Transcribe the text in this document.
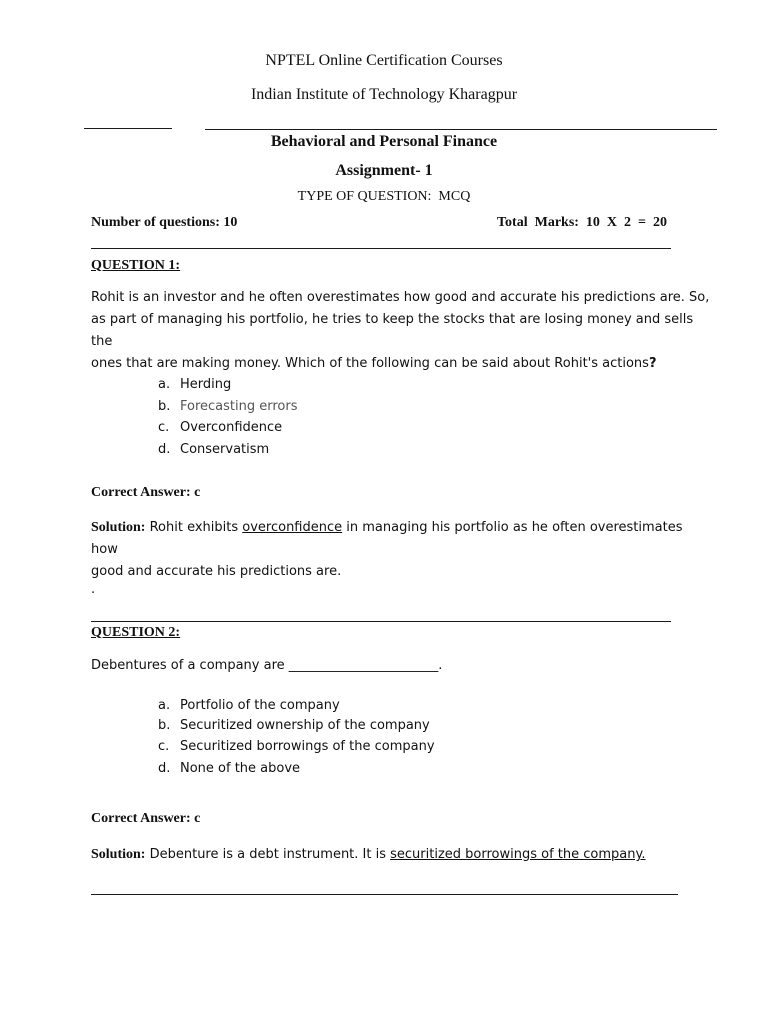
NPTEL Online Certification Courses
Indian Institute of Technology Kharagpur
Behavioral and Personal Finance
Assignment- 1
TYPE OF QUESTION:  MCQ
Number of questions: 10	Total  Marks:  10  X  2  =  20
QUESTION 1:
Rohit is an investor and he often overestimates how good and accurate his predictions are. So,
as part of managing his portfolio, he tries to keep the stocks that are losing money and sells the
ones that are making money. Which of the following can be said about Rohit's actions?
a. Herding
b. Forecasting errors
c. Overconfidence
d. Conservatism
Correct Answer: c
Solution: Rohit exhibits overconfidence in managing his portfolio as he often overestimates how
good and accurate his predictions are.
.
QUESTION 2:
Debentures of a company are _______________________.
a. Portfolio of the company
b. Securitized ownership of the company
c. Securitized borrowings of the company
d. None of the above
Correct Answer: c
Solution: Debenture is a debt instrument. It is securitized borrowings of the company.
